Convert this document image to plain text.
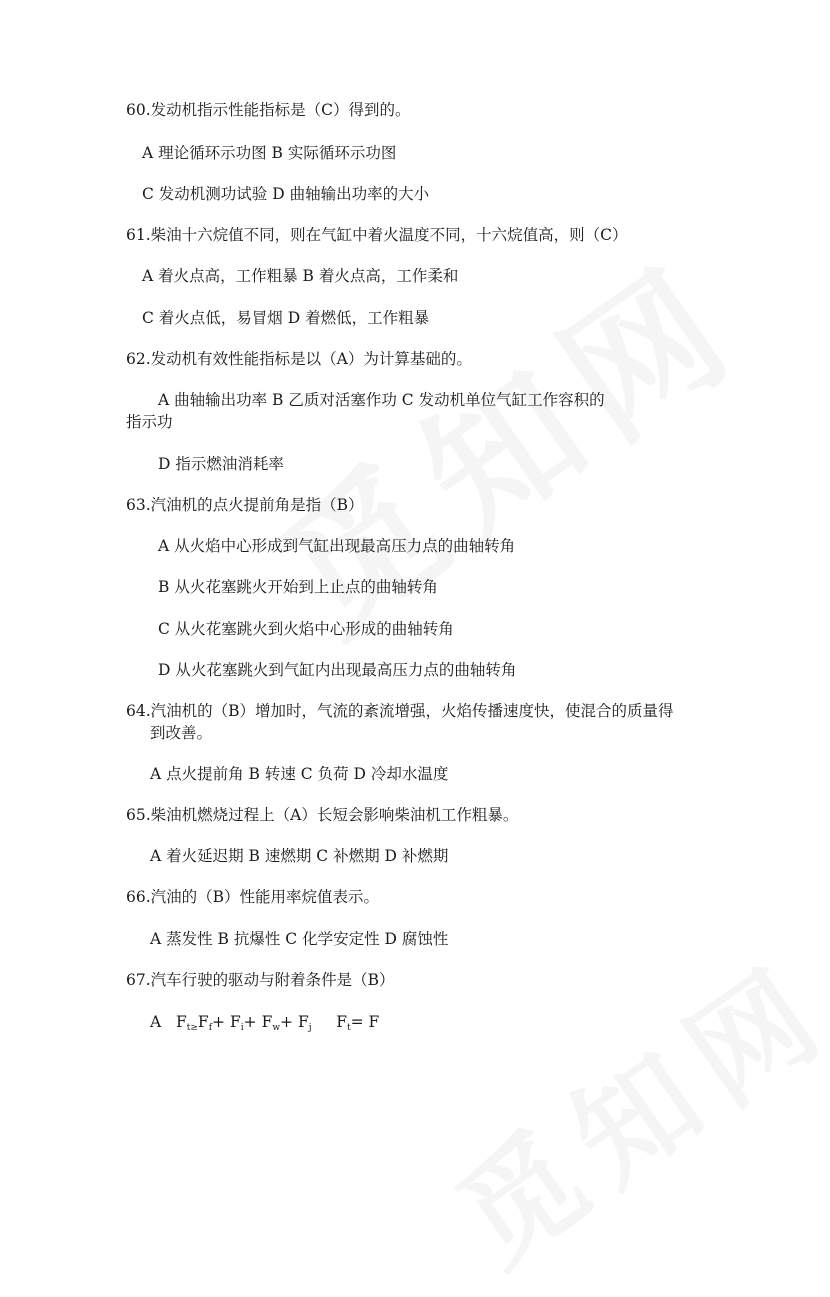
60.发动机指示性能指标是（C）得到的。

A 理论循环示功图 B 实际循环示功图

C 发动机测功试验 D 曲轴输出功率的大小

61.柴油十六烷值不同，则在气缸中着火温度不同，十六烷值高，则（C）

A 着火点高，工作粗暴 B 着火点高，工作柔和

C 着火点低，易冒烟 D 着燃低，工作粗暴

62.发动机有效性能指标是以（A）为计算基础的。

A 曲轴输出功率 B 乙质对活塞作功 C 发动机单位气缸工作容积的

指示功

D 指示燃油消耗率

63.汽油机的点火提前角是指（B）

A 从火焰中心形成到气缸出现最高压力点的曲轴转角

B 从火花塞跳火开始到上止点的曲轴转角

C 从火花塞跳火到火焰中心形成的曲轴转角

D 从火花塞跳火到气缸内出现最高压力点的曲轴转角

64.汽油机的（B）增加时，气流的紊流增强，火焰传播速度快，使混合的质量得

到改善。

A 点火提前角 B 转速 C 负荷 D 冷却水温度

65.柴油机燃烧过程上（A）长短会影响柴油机工作粗暴。

A 着火延迟期 B 速燃期 C 补燃期 D 补燃期

66.汽油的（B）性能用率烷值表示。

A 蒸发性 B 抗爆性 C 化学安定性 D 腐蚀性

67.汽车行驶的驱动与附着条件是（B）

A $F_{t\ge}F_f+ F_i+ F_w+ F_j$ $F_t= F$
